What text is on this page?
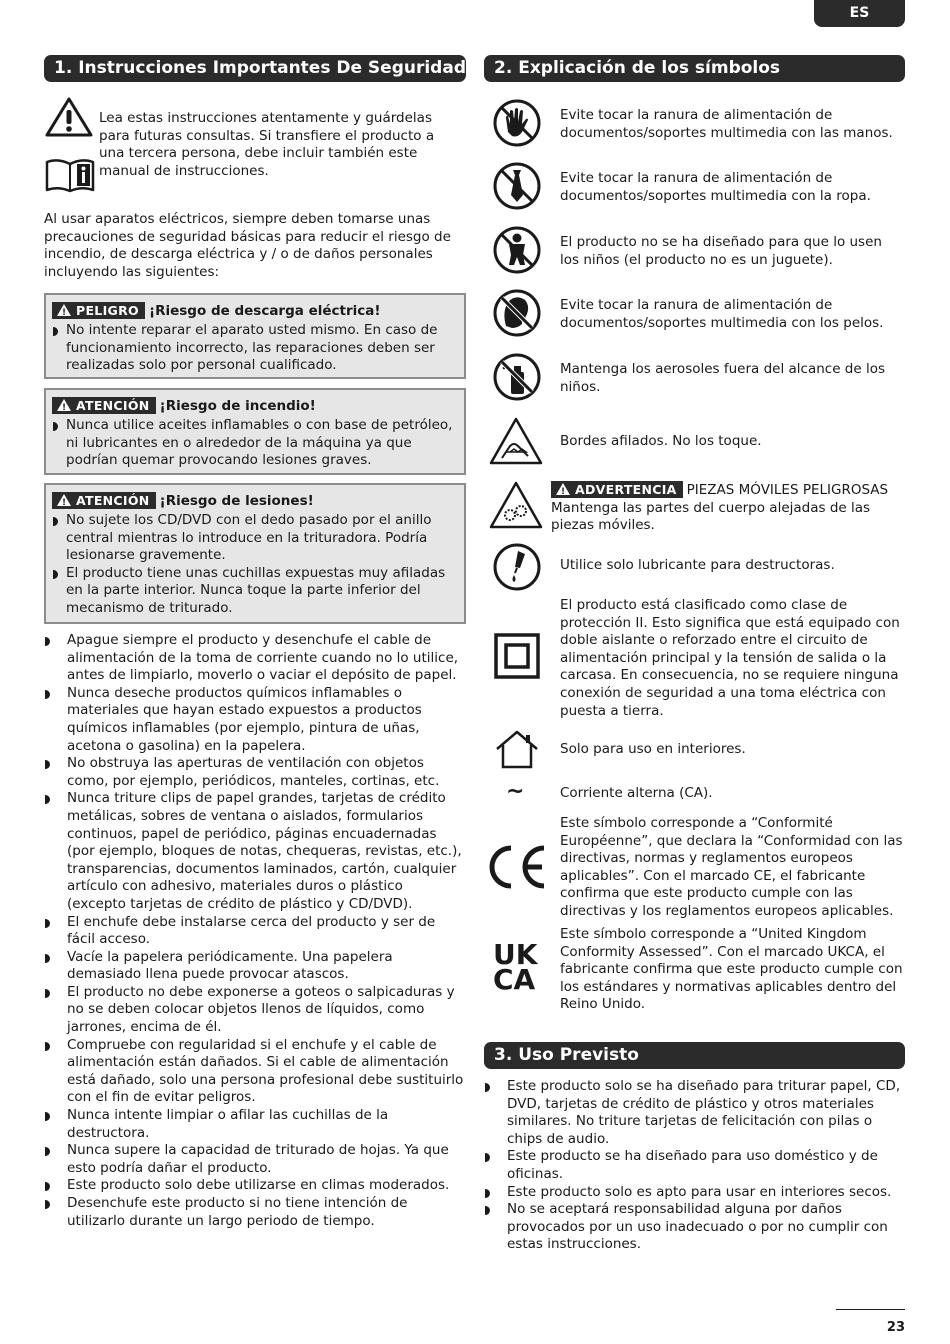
ES
1. Instrucciones Importantes De Seguridad
Lea estas instrucciones atentamente y guárdelas para futuras consultas. Si transfiere el producto a una tercera persona, debe incluir también este manual de instrucciones.
Al usar aparatos eléctricos, siempre deben tomarse unas precauciones de seguridad básicas para reducir el riesgo de incendio, de descarga eléctrica y / o de daños personales incluyendo las siguientes:
!PELIGRO ¡Riesgo de descarga eléctrica!
No intente reparar el aparato usted mismo. En caso de funcionamiento incorrecto, las reparaciones deben ser realizadas solo por personal cualificado.
!ATENCIÓN ¡Riesgo de incendio!
Nunca utilice aceites inflamables o con base de petróleo, ni lubricantes en o alrededor de la máquina ya que podrían quemar provocando lesiones graves.
!ATENCIÓN ¡Riesgo de lesiones!
No sujete los CD/DVD con el dedo pasado por el anillo central mientras lo introduce en la trituradora. Podría lesionarse gravemente.
El producto tiene unas cuchillas expuestas muy afiladas en la parte interior. Nunca toque la parte inferior del mecanismo de triturado.
Apague siempre el producto y desenchufe el cable de alimentación de la toma de corriente cuando no lo utilice, antes de limpiarlo, moverlo o vaciar el depósito de papel.
Nunca deseche productos químicos inflamables o materiales que hayan estado expuestos a productos químicos inflamables (por ejemplo, pintura de uñas, acetona o gasolina) en la papelera.
No obstruya las aperturas de ventilación con objetos como, por ejemplo, periódicos, manteles, cortinas, etc.
Nunca triture clips de papel grandes, tarjetas de crédito metálicas, sobres de ventana o aislados, formularios continuos, papel de periódico, páginas encuadernadas (por ejemplo, bloques de notas, chequeras, revistas, etc.), transparencias, documentos laminados, cartón, cualquier artículo con adhesivo, materiales duros o plástico (excepto tarjetas de crédito de plástico y CD/DVD).
El enchufe debe instalarse cerca del producto y ser de fácil acceso.
Vacíe la papelera periódicamente. Una papelera demasiado llena puede provocar atascos.
El producto no debe exponerse a goteos o salpicaduras y no se deben colocar objetos llenos de líquidos, como jarrones, encima de él.
Compruebe con regularidad si el enchufe y el cable de alimentación están dañados. Si el cable de alimentación está dañado, solo una persona profesional debe sustituirlo con el fin de evitar peligros.
Nunca intente limpiar o afilar las cuchillas de la destructora.
Nunca supere la capacidad de triturado de hojas. Ya que esto podría dañar el producto.
Este producto solo debe utilizarse en climas moderados.
Desenchufe este producto si no tiene intención de utilizarlo durante un largo periodo de tiempo.
2. Explicación de los símbolos
Evite tocar la ranura de alimentación de documentos/soportes multimedia con las manos.
Evite tocar la ranura de alimentación de documentos/soportes multimedia con la ropa.
El producto no se ha diseñado para que lo usen los niños (el producto no es un juguete).
Evite tocar la ranura de alimentación de documentos/soportes multimedia con los pelos.
Mantenga los aerosoles fuera del alcance de los niños.
Bordes afilados. No los toque.
!ADVERTENCIA PIEZAS MÓVILES PELIGROSAS
Mantenga las partes del cuerpo alejadas de las piezas móviles.
Utilice solo lubricante para destructoras.
El producto está clasificado como clase de protección II. Esto significa que está equipado con doble aislante o reforzado entre el circuito de alimentación principal y la tensión de salida o la carcasa. En consecuencia, no se requiere ninguna conexión de seguridad a una toma eléctrica con puesta a tierra.
Solo para uso en interiores.
~	Corriente alterna (CA).
Este símbolo corresponde a “Conformité Européenne”, que declara la “Conformidad con las directivas, normas y reglamentos europeos aplicables”. Con el marcado CE, el fabricante confirma que este producto cumple con las directivas y los reglamentos europeos aplicables.
UK
CA
Este símbolo corresponde a “United Kingdom Conformity Assessed”. Con el marcado UKCA, el fabricante confirma que este producto cumple con los estándares y normativas aplicables dentro del Reino Unido.
3. Uso Previsto
Este producto solo se ha diseñado para triturar papel, CD, DVD, tarjetas de crédito de plástico y otros materiales similares. No triture tarjetas de felicitación con pilas o chips de audio.
Este producto se ha diseñado para uso doméstico y de oficinas.
Este producto solo es apto para usar en interiores secos.
No se aceptará responsabilidad alguna por daños provocados por un uso inadecuado o por no cumplir con estas instrucciones.
23
